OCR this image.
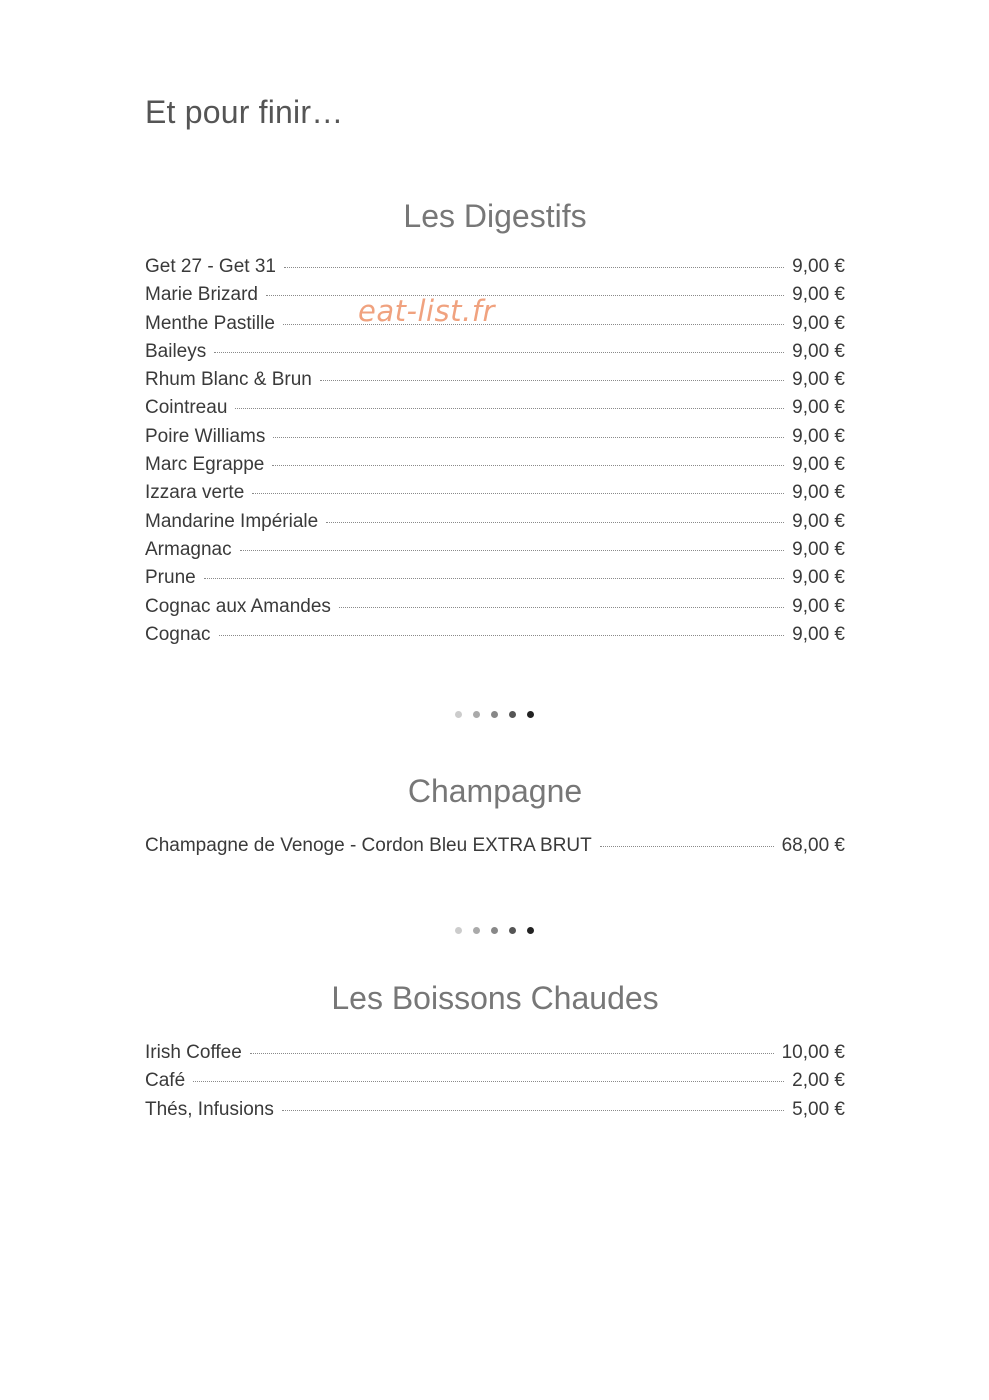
Et pour finir…
eat-list.fr
Les Digestifs
Get 27 - Get 31	9,00 €
Marie Brizard	9,00 €
Menthe Pastille	9,00 €
Baileys	9,00 €
Rhum Blanc & Brun	9,00 €
Cointreau	9,00 €
Poire Williams	9,00 €
Marc Egrappe	9,00 €
Izzara verte	9,00 €
Mandarine Impériale	9,00 €
Armagnac	9,00 €
Prune	9,00 €
Cognac aux Amandes	9,00 €
Cognac	9,00 €
Champagne
Champagne de Venoge - Cordon Bleu EXTRA BRUT	68,00 €
Les Boissons Chaudes
Irish Coffee	10,00 €
Café	2,00 €
Thés, Infusions	5,00 €
